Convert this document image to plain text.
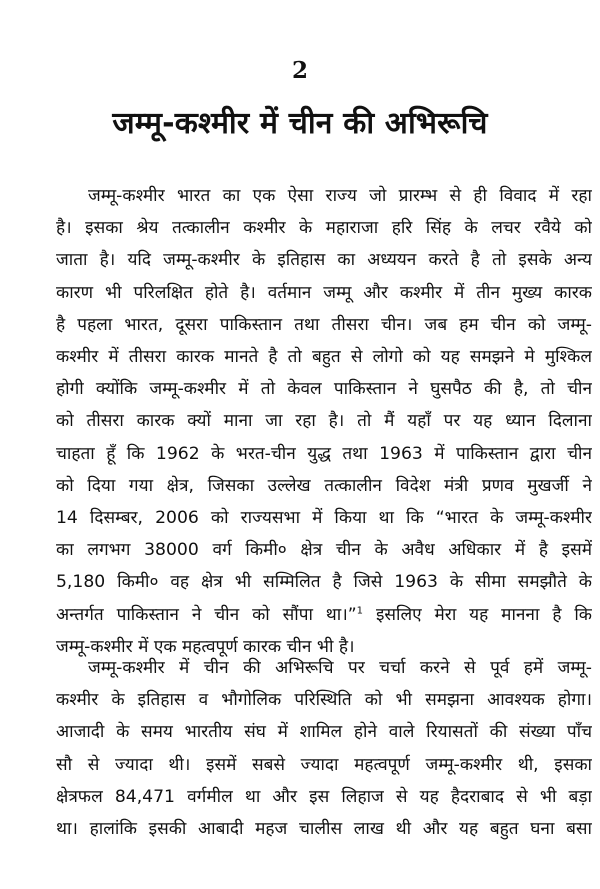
2
जम्मू-कश्मीर में चीन की अभिरूचि
जम्मू-कश्मीर भारत का एक ऐसा राज्य जो प्रारम्भ से ही विवाद में रहा
है। इसका श्रेय तत्कालीन कश्मीर के महाराजा हरि सिंह के लचर रवैये को
जाता है। यदि जम्मू-कश्मीर के इतिहास का अध्ययन करते है तो इसके अन्य
कारण भी परिलक्षित होते है। वर्तमान जम्मू और कश्मीर में तीन मुख्य कारक
है पहला भारत, दूसरा पाकिस्तान तथा तीसरा चीन। जब हम चीन को जम्मू-
कश्मीर में तीसरा कारक मानते है तो बहुत से लोगो को यह समझने मे मुश्किल
होगी क्योंकि जम्मू-कश्मीर में तो केवल पाकिस्तान ने घुसपैठ की है, तो चीन
को तीसरा कारक क्यों माना जा रहा है। तो मैं यहाँ पर यह ध्यान दिलाना
चाहता हूँ कि 1962 के भरत-चीन युद्ध तथा 1963 में पाकिस्तान द्वारा चीन
को दिया गया क्षेत्र, जिसका उल्लेख तत्कालीन विदेश मंत्री प्रणव मुखर्जी ने
14 दिसम्बर, 2006 को राज्यसभा में किया था कि “भारत के जम्मू-कश्मीर
का लगभग 38000 वर्ग किमी० क्षेत्र चीन के अवैध अधिकार में है इसमें
5,180 किमी० वह क्षेत्र भी सम्मिलित है जिसे 1963 के सीमा समझौते के
अन्तर्गत पाकिस्तान ने चीन को सौंपा था।”$^1$ इसलिए मेरा यह मानना है कि
जम्मू-कश्मीर में एक महत्वपूर्ण कारक चीन भी है।
जम्मू-कश्मीर में चीन की अभिरूचि पर चर्चा करने से पूर्व हमें जम्मू-
कश्मीर के इतिहास व भौगोलिक परिस्थिति को भी समझना आवश्यक होगा।
आजादी के समय भारतीय संघ में शामिल होने वाले रियासतों की संख्या पाँच
सौ से ज्यादा थी। इसमें सबसे ज्यादा महत्वपूर्ण जम्मू-कश्मीर थी, इसका
क्षेत्रफल 84,471 वर्गमील था और इस लिहाज से यह हैदराबाद से भी बड़ा
था। हालांकि इसकी आबादी महज चालीस लाख थी और यह बहुत घना बसा
